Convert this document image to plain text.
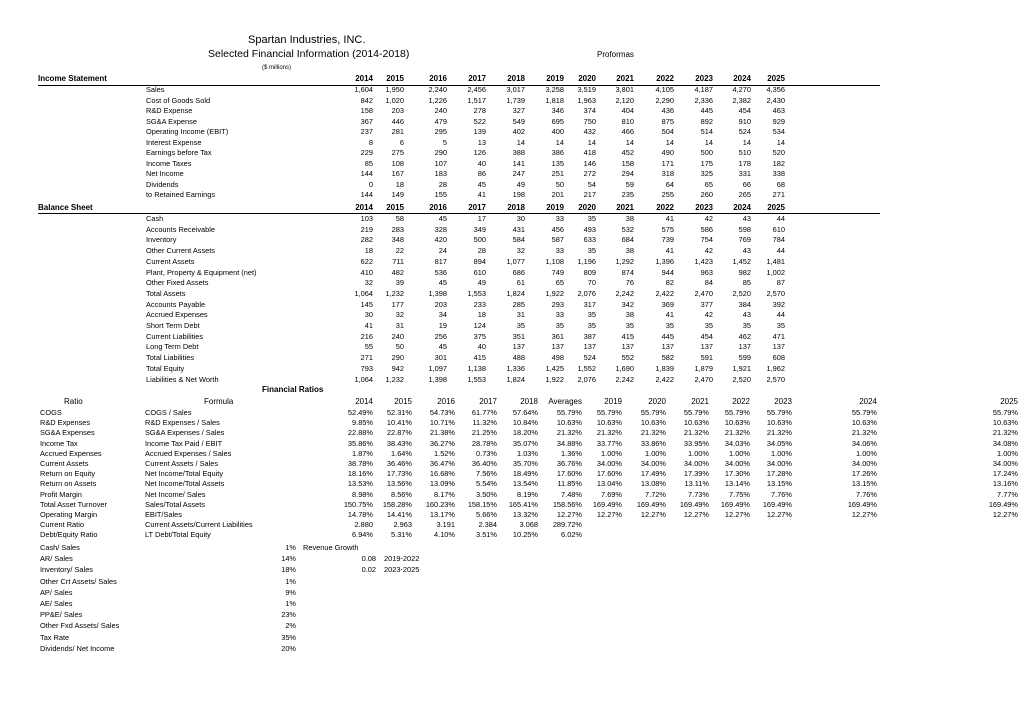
Spartan Industries, INC.
Selected Financial Information (2014-2018)
($ millions)
Proformas
Income Statement	2014	2015	2016	2017	2018	2019	2020	2021	2022	2023	2024	2025
Sales	1,604	1,950	2,240	2,456	3,017	3,258	3,519	3,801	4,105	4,187	4,270	4,356
Cost of Goods Sold	842	1,020	1,226	1,517	1,739	1,818	1,963	2,120	2,290	2,336	2,382	2,430
R&D Expense	158	203	240	278	327	346	374	404	436	445	454	463
SG&A Expense	367	446	479	522	549	695	750	810	875	892	910	929
Operating Income (EBIT)	237	281	295	139	402	400	432	466	504	514	524	534
Interest Expense	8	6	5	13	14	14	14	14	14	14	14	14
Earnings before Tax	229	275	290	126	388	386	418	452	490	500	510	520
Income Taxes	85	108	107	40	141	135	146	158	171	175	178	182
Net Income	144	167	183	86	247	251	272	294	318	325	331	338
Dividends	0	18	28	45	49	50	54	59	64	65	66	68
to Retained Earnings	144	149	155	41	198	201	217	235	255	260	265	271
Balance Sheet	2014	2015	2016	2017	2018	2019	2020	2021	2022	2023	2024	2025
Cash	103	58	45	17	30	33	35	38	41	42	43	44
Accounts Receivable	219	283	328	349	431	456	493	532	575	586	598	610
Inventory	282	348	420	500	584	587	633	684	739	754	769	784
Other Current Assets	18	22	24	28	32	33	35	38	41	42	43	44
Current Assets	622	711	817	894	1,077	1,108	1,196	1,292	1,396	1,423	1,452	1,481
Plant, Property & Equipment (net)	410	482	536	610	686	749	809	874	944	963	982	1,002
Other Fixed Assets	32	39	45	49	61	65	70	76	82	84	85	87
Total Assets	1,064	1,232	1,398	1,553	1,824	1,922	2,076	2,242	2,422	2,470	2,520	2,570
Accounts Payable	145	177	203	233	285	293	317	342	369	377	384	392
Accrued Expenses	30	32	34	18	31	33	35	38	41	42	43	44
Short Term Debt	41	31	19	124	35	35	35	35	35	35	35	35
Current Liabilities	216	240	256	375	351	361	387	415	445	454	462	471
Long Term Debt	55	50	45	40	137	137	137	137	137	137	137	137
Total Liabilities	271	290	301	415	488	498	524	552	582	591	599	608
Total Equity	793	942	1,097	1,138	1,336	1,425	1,552	1,690	1,839	1,879	1,921	1,962
Liabilities & Net Worth	1,064	1,232	1,398	1,553	1,824	1,922	2,076	2,242	2,422	2,470	2,520	2,570
Financial Ratios
Ratio	Formula	2014	2015	2016	2017	2018	Averages	2019	2020	2021	2022	2023	2024	2025
COGS	COGS / Sales	52.49%	52.31%	54.73%	61.77%	57.64%	55.79%	55.79%	55.79%	55.79%	55.79%	55.79%	55.79%	55.79%
R&D Expenses	R&D Expenses / Sales	9.85%	10.41%	10.71%	11.32%	10.84%	10.63%	10.63%	10.63%	10.63%	10.63%	10.63%	10.63%	10.63%
SG&A Expenses	SG&A Expenses / Sales	22.88%	22.87%	21.38%	21.25%	18.20%	21.32%	21.32%	21.32%	21.32%	21.32%	21.32%	21.32%	21.32%
Income Tax	Income Tax Paid / EBIT	35.86%	38.43%	36.27%	28.78%	35.07%	34.88%	33.77%	33.86%	33.95%	34.03%	34.05%	34.06%	34.08%
Accrued Expenses	Accrued Expenses / Sales	1.87%	1.64%	1.52%	0.73%	1.03%	1.36%	1.00%	1.00%	1.00%	1.00%	1.00%	1.00%	1.00%
Current Assets	Current Assets / Sales	38.78%	36.46%	36.47%	36.40%	35.70%	36.76%	34.00%	34.00%	34.00%	34.00%	34.00%	34.00%	34.00%
Return on Equity	Net Income/Total Equity	18.16%	17.73%	16.68%	7.56%	18.49%	17.60%	17.60%	17.49%	17.39%	17.30%	17.28%	17.26%	17.24%
Return on Assets	Net Income/Total Assets	13.53%	13.56%	13.09%	5.54%	13.54%	11.85%	13.04%	13.08%	13.11%	13.14%	13.15%	13.15%	13.16%
Profit Margin	Net Income/ Sales	8.98%	8.56%	8.17%	3.50%	8.19%	7.48%	7.69%	7.72%	7.73%	7.75%	7.76%	7.76%	7.77%
Total Asset Turnover	Sales/Total Assets	150.75%	158.28%	160.23%	158.15%	165.41%	158.56%	169.49%	169.49%	169.49%	169.49%	169.49%	169.49%	169.49%
Operating Margin	EBIT/Sales	14.78%	14.41%	13.17%	5.66%	13.32%	12.27%	12.27%	12.27%	12.27%	12.27%	12.27%	12.27%	12.27%
Current Ratio	Current Assets/Current Liabilities	2.880	2.963	3.191	2.384	3.068	289.72%
Debt/Equity Ratio	LT Debt/Total Equity	6.94%	5.31%	4.10%	3.51%	10.25%	6.02%
Cash/ Sales	1% Revenue Growth
AR/ Sales	14%
Inventory/ Sales	18%
Other Crt Assets/ Sales	1%
AP/ Sales	9%
AE/ Sales	1%
PP&E/ Sales	23%
Other Fxd Assets/ Sales	2%
Tax Rate	35%
Dividends/ Net Income	20%
0.08 2019-2022
0.02 2023-2025
